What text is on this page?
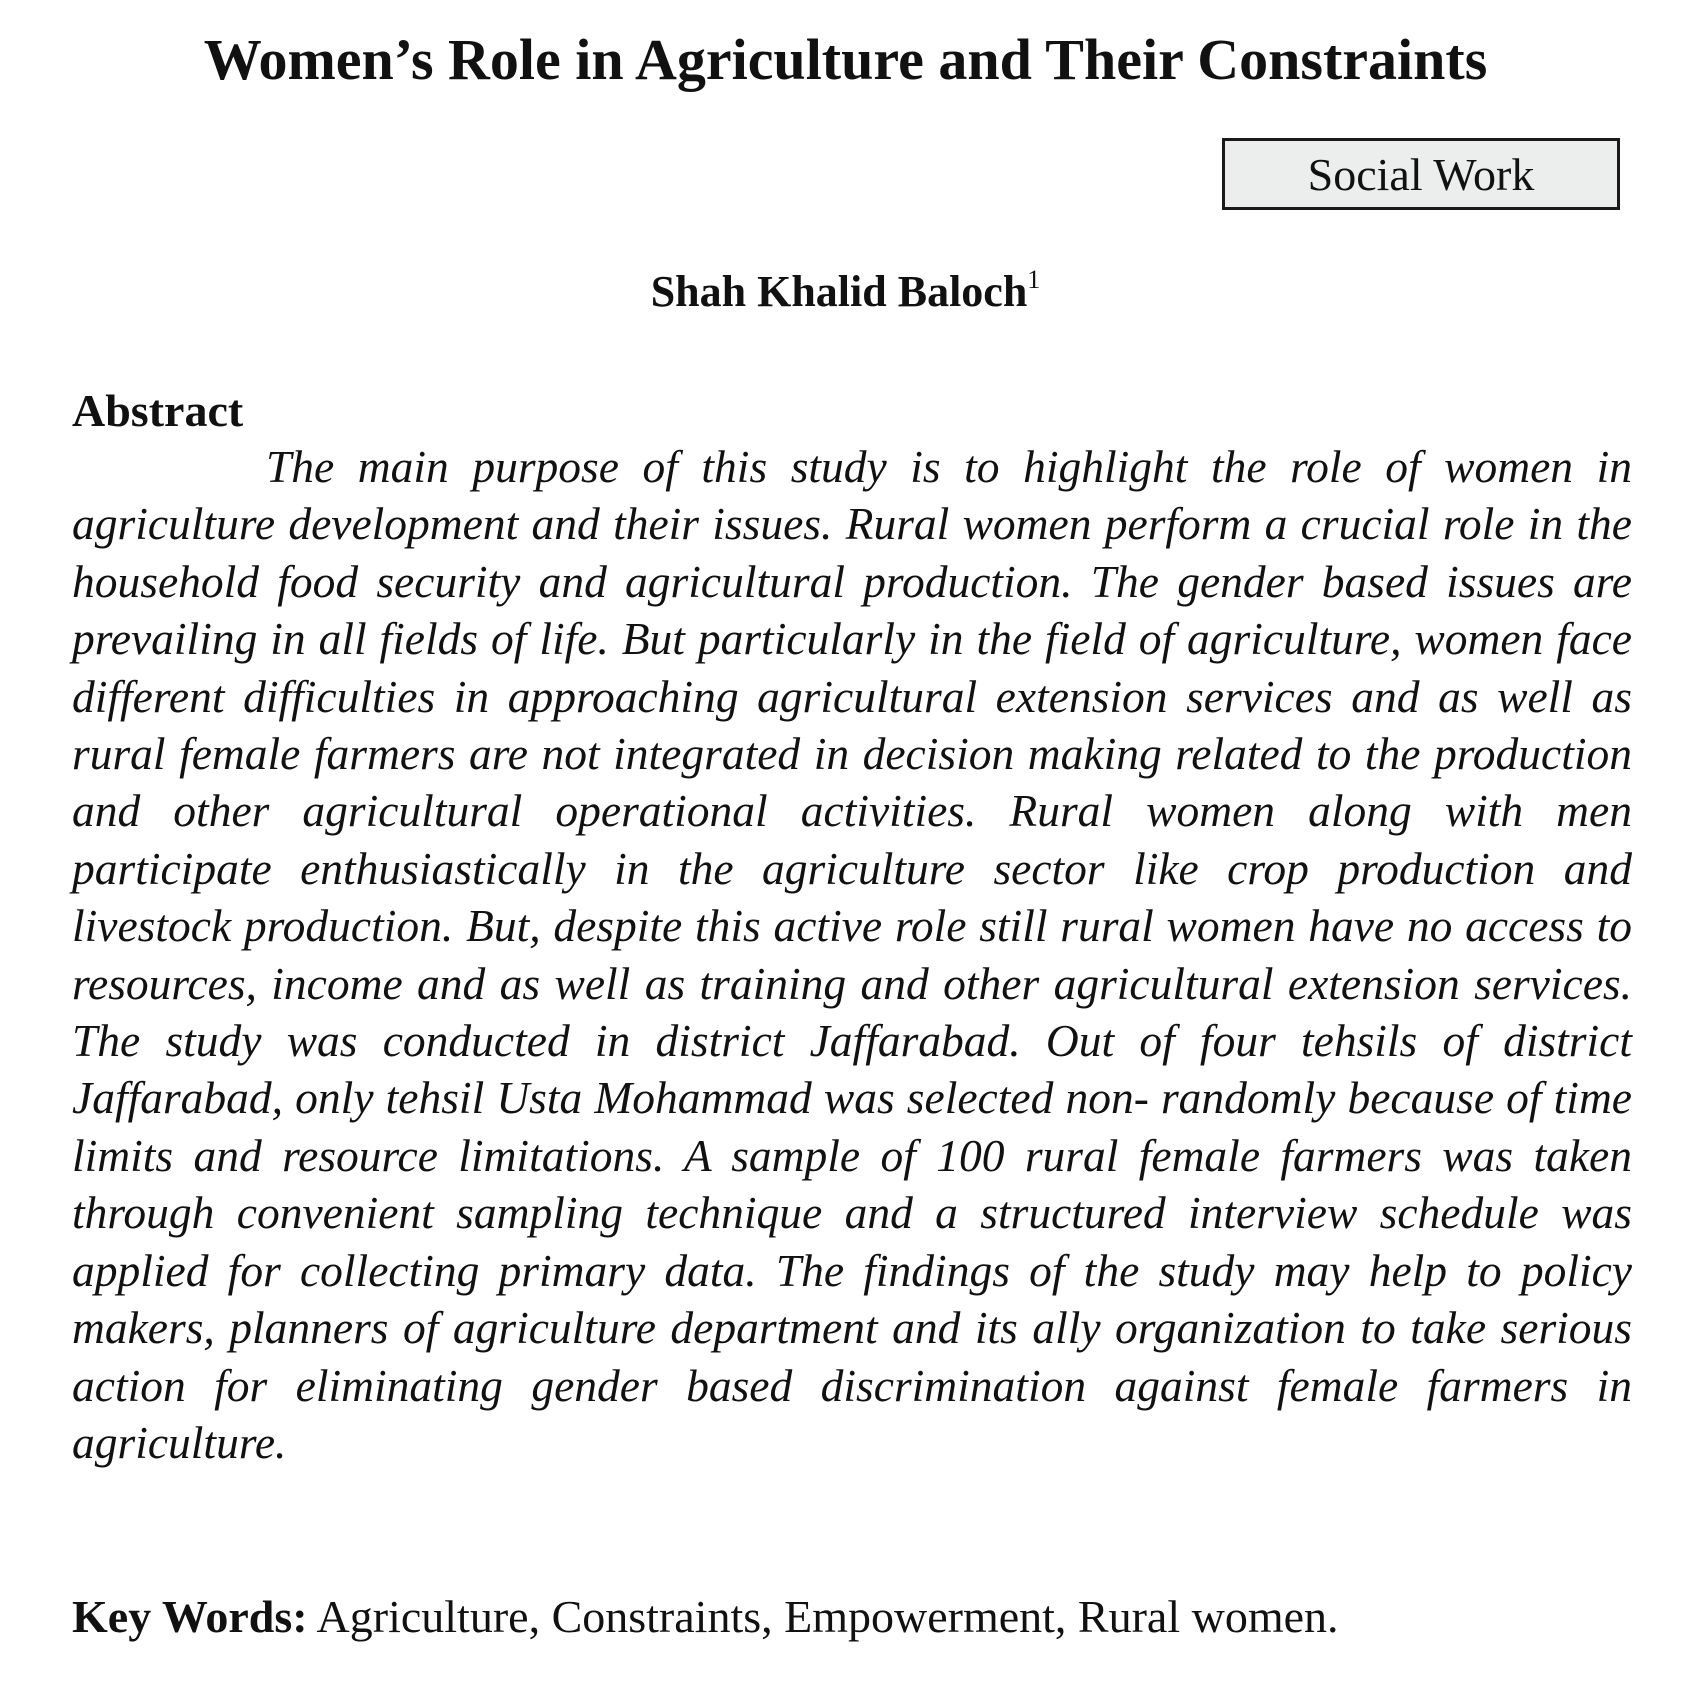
Women’s Role in Agriculture and Their Constraints
Social Work
Shah Khalid Baloch$^1$
Abstract

The main purpose of this study is to highlight the role of women in agriculture development and their issues. Rural women perform a crucial role in the household food security and agricultural production. The gender based issues are prevailing in all fields of life. But particularly in the field of agriculture, women face different difficulties in approaching agricultural extension services and as well as rural female farmers are not integrated in decision making related to the production and other agricultural operational activities. Rural women along with men participate enthusiastically in the agriculture sector like crop production and livestock production. But, despite this active role still rural women have no access to resources, income and as well as training and other agricultural extension services. The study was conducted in district Jaffarabad. Out of four tehsils of district Jaffarabad, only tehsil Usta Mohammad was selected non- randomly because of time limits and resource limitations. A sample of 100 rural female farmers was taken through convenient sampling technique and a structured interview schedule was applied for collecting primary data. The findings of the study may help to policy makers, planners of agriculture department and its ally organization to take serious action for eliminating gender based discrimination against female farmers in agriculture.

Key Words: Agriculture, Constraints, Empowerment, Rural women.
